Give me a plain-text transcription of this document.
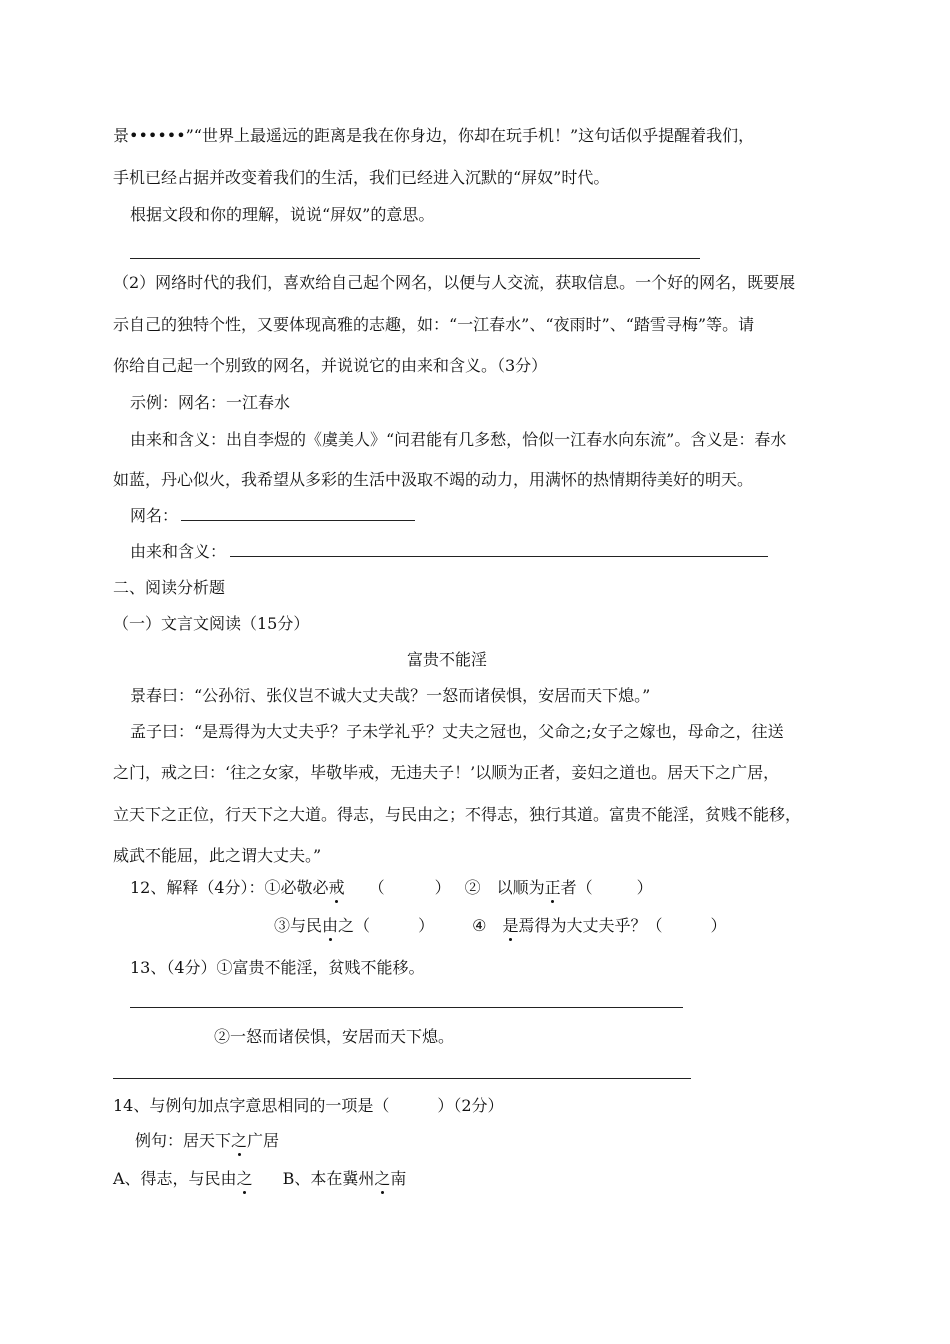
景••••••”“世界上最遥远的距离是我在你身边，你却在玩手机！”这句话似乎提醒着我们，
手机已经占据并改变着我们的生活，我们已经进入沉默的“屏奴”时代。
根据文段和你的理解，说说“屏奴”的意思。
（2）网络时代的我们，喜欢给自己起个网名，以便与人交流，获取信息。一个好的网名，既要展
示自己的独特个性，又要体现高雅的志趣，如：“一江春水”、“夜雨时”、“踏雪寻梅”等。请
你给自己起一个别致的网名，并说说它的由来和含义。（3分）
示例：网名：一江春水
由来和含义：出自李煜的《虞美人》“问君能有几多愁，恰似一江春水向东流”。含义是：春水
如蓝，丹心似火，我希望从多彩的生活中汲取不竭的动力，用满怀的热情期待美好的明天。
网名：
由来和含义：
二、阅读分析题
（一）文言文阅读（15分）
富贵不能淫
景春曰：“公孙衍、张仪岂不诚大丈夫哉？一怒而诸侯惧，安居而天下熄。”
孟子曰：“是焉得为大丈夫乎？子未学礼乎？丈夫之冠也，父命之;女子之嫁也，母命之，往送
之门，戒之曰：‘往之女家，毕敬毕戒，无违夫子！’以顺为正者，妾妇之道也。居天下之广居，
立天下之正位，行天下之大道。得志，与民由之；不得志，独行其道。富贵不能淫，贫贱不能移，
威武不能屈，此之谓大丈夫。”
12、解释（4分）：①必敬必戒 （	） ②　以顺为正者（	）
③与民由之（	） ④　是焉得为大丈夫乎？（	）
13、（4分）①富贵不能淫，贫贱不能移。
②一怒而诸侯惧，安居而天下熄。
14、与例句加点字意思相同的一项是（　　　）（2分）
例句：居天下之广居
A、得志，与民由之 B、本在冀州之南
